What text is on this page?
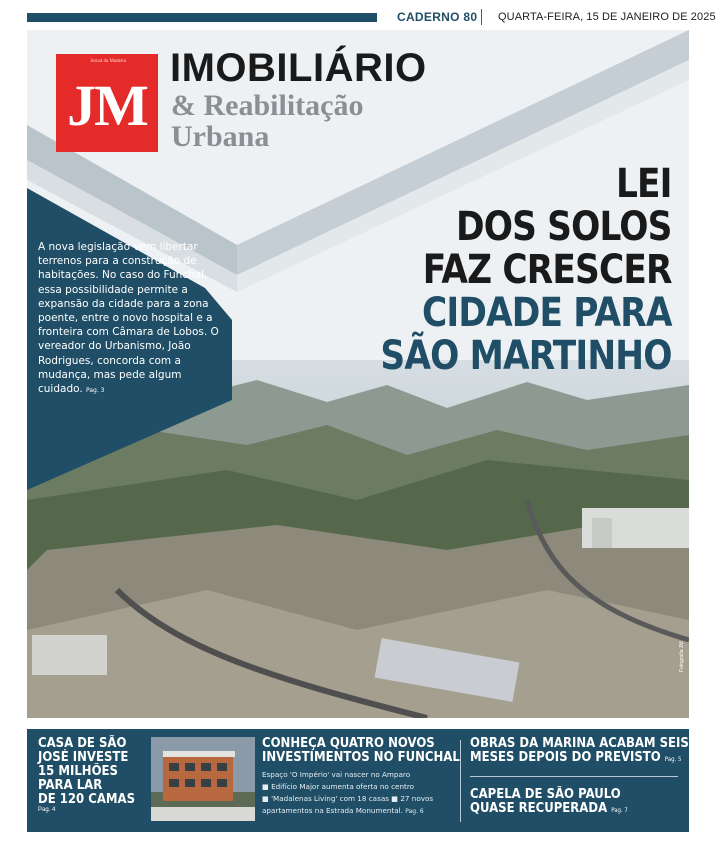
CADERNO 80 QUARTA-FEIRA, 15 DE JANEIRO DE 2025
Jornal da Madeira
JM
IMOBILIÁRIO
& Reabilitação
Urbana
LEI
DOS SOLOS
FAZ CRESCER
CIDADE PARA
SÃO MARTINHO
A nova legislação vem libertar terrenos para a construção de habitações. No caso do Funchal, essa possibilidade permite a expansão da cidade para a zona poente, entre o novo hospital e a fronteira com Câmara de Lobos. O vereador do Urbanismo, João Rodrigues, concorda com a mudança, mas pede algum cuidado. Pag. 3
Fotografia JM
CASA DE SÃO
JOSÉ INVESTE
15 MILHÕES
PARA LAR
DE 120 CAMAS
Pag. 4
CONHEÇA QUATRO NOVOS
INVESTIMENTOS NO FUNCHAL
Espaço 'O Império' vai nascer no Amparo
■ Edifício Major aumenta oferta no centro
■ 'Madalenas Living' com 18 casas ■ 27 novos
apartamentos na Estrada Monumental. Pag. 6
OBRAS DA MARINA ACABAM SEIS
MESES DEPOIS DO PREVISTO Pag. 5
CAPELA DE SÃO PAULO
QUASE RECUPERADA Pag. 7
